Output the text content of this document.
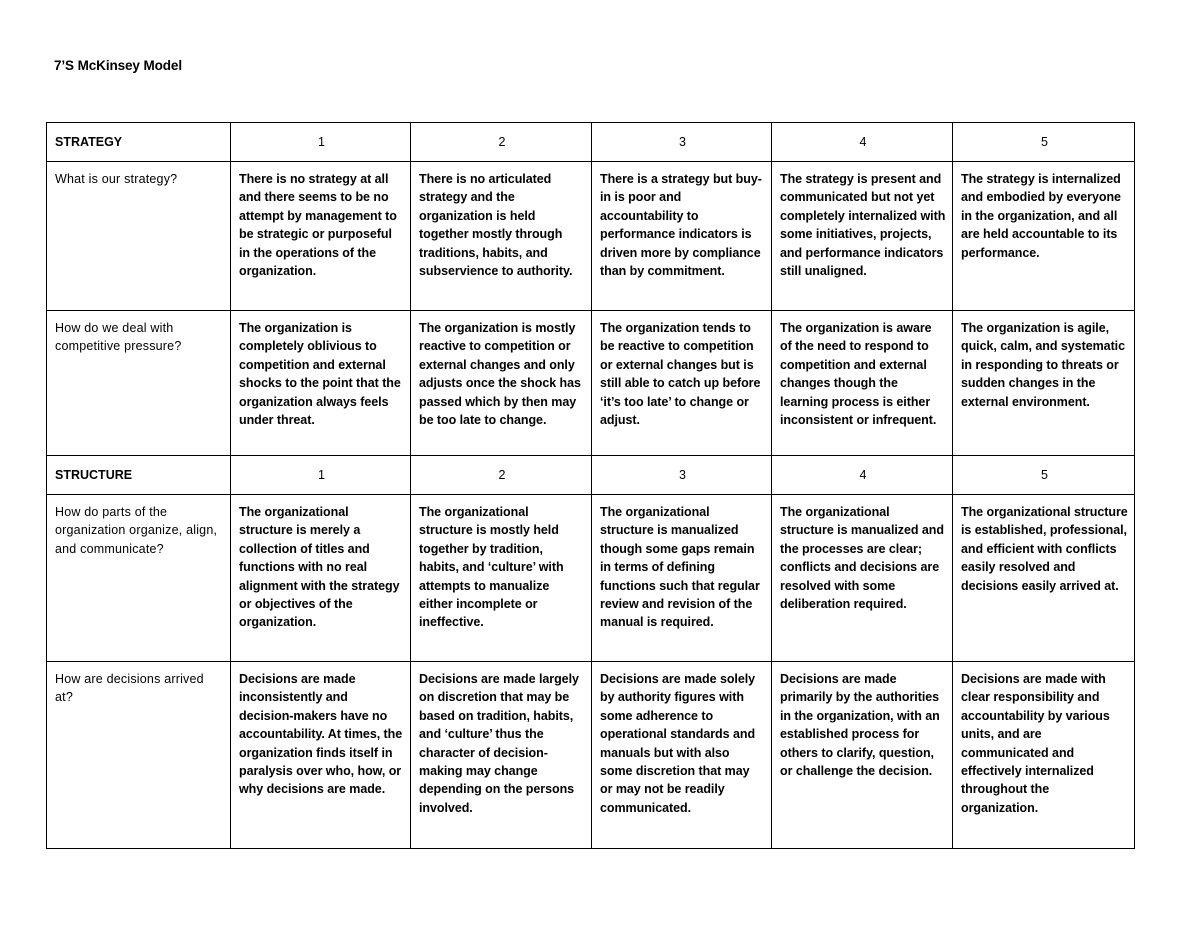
7’S McKinsey Model
STRATEGY	1	2	3	4	5
What is our strategy?	There is no strategy at all and there seems to be no attempt by management to be strategic or purposeful in the operations of the organization.	There is no articulated strategy and the organization is held together mostly through traditions, habits, and subservience to authority.	There is a strategy but buy-in is poor and accountability to performance indicators is driven more by compliance than by commitment.	The strategy is present and communicated but not yet completely internalized with some initiatives, projects, and performance indicators still unaligned.	The strategy is internalized and embodied by everyone in the organization, and all are held accountable to its performance.
How do we deal with competitive pressure?	The organization is completely oblivious to competition and external shocks to the point that the organization always feels under threat.	The organization is mostly reactive to competition or external changes and only adjusts once the shock has passed which by then may be too late to change.	The organization tends to be reactive to competition or external changes but is still able to catch up before ‘it’s too late’ to change or adjust.	The organization is aware of the need to respond to competition and external changes though the learning process is either inconsistent or infrequent.	The organization is agile, quick, calm, and systematic in responding to threats or sudden changes in the external environment.
STRUCTURE	1	2	3	4	5
How do parts of the organization organize, align, and communicate?	The organizational structure is merely a collection of titles and functions with no real alignment with the strategy or objectives of the organization.	The organizational structure is mostly held together by tradition, habits, and ‘culture’ with attempts to manualize either incomplete or ineffective.	The organizational structure is manualized though some gaps remain in terms of defining functions such that regular review and revision of the manual is required.	The organizational structure is manualized and the processes are clear; conflicts and decisions are resolved with some deliberation required.	The organizational structure is established, professional, and efficient with conflicts easily resolved and decisions easily arrived at.
How are decisions arrived at?	Decisions are made inconsistently and decision-makers have no accountability. At times, the organization finds itself in paralysis over who, how, or why decisions are made.	Decisions are made largely on discretion that may be based on tradition, habits, and ‘culture’ thus the character of decision-making may change depending on the persons involved.	Decisions are made solely by authority figures with some adherence to operational standards and manuals but with also some discretion that may or may not be readily communicated.	Decisions are made primarily by the authorities in the organization, with an established process for others to clarify, question, or challenge the decision.	Decisions are made with clear responsibility and accountability by various units, and are communicated and effectively internalized throughout the organization.
